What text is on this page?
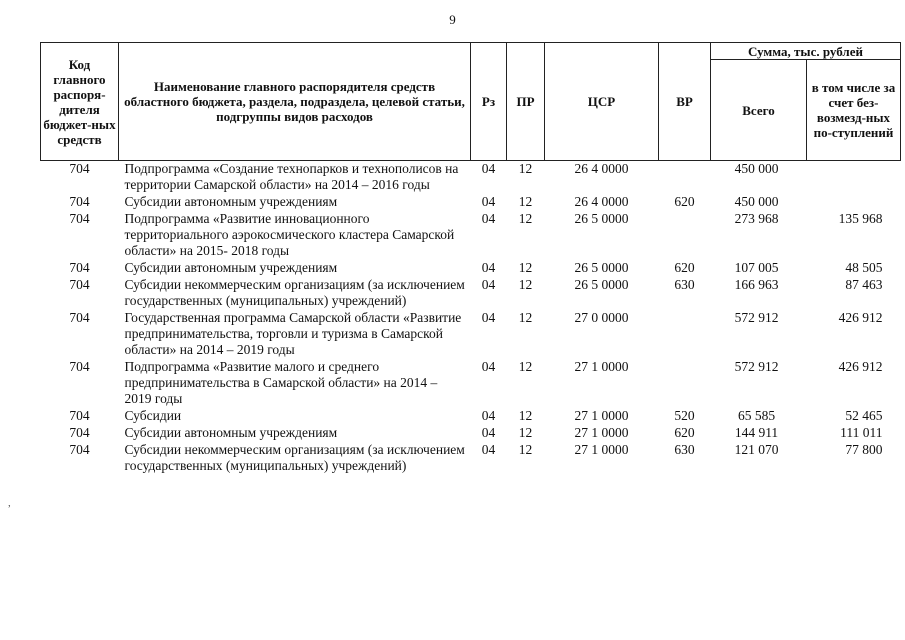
9
,
Код главного распоря-дителя бюджет-ных средств	Наименование главного распорядителя средств областного бюджета, раздела, подраздела, целевой статьи, подгруппы видов расходов	Рз	ПР	ЦСР	ВР	Сумма, тыс. рублей	
						Всего	в том числе за счет без-возмезд-ных по-ступлений
704	Подпрограмма «Создание технопарков и технополисов на территории Самарской области» на 2014 – 2016 годы	04	12	26 4 0000		450 000	
704	Субсидии автономным учреждениям	04	12	26 4 0000	620	450 000	
704	Подпрограмма «Развитие инновационного территориального аэрокосмического кластера Самарской области» на 2015- 2018 годы	04	12	26 5 0000		273 968	135 968
704	Субсидии автономным учреждениям	04	12	26 5 0000	620	107 005	48 505
704	Субсидии некоммерческим организациям (за исключением государственных (муниципальных) учреждений)	04	12	26 5 0000	630	166 963	87 463
704	Государственная программа Самарской области «Развитие предпринимательства, торговли и туризма в Самарской области» на 2014 – 2019 годы	04	12	27 0 0000		572 912	426 912
704	Подпрограмма «Развитие малого и среднего предпринимательства в Самарской области» на 2014 – 2019 годы	04	12	27 1 0000		572 912	426 912
704	Субсидии	04	12	27 1 0000	520	65 585	52 465
704	Субсидии автономным учреждениям	04	12	27 1 0000	620	144 911	111 011
704	Субсидии некоммерческим организациям (за исключением государственных (муниципальных) учреждений)	04	12	27 1 0000	630	121 070	77 800
